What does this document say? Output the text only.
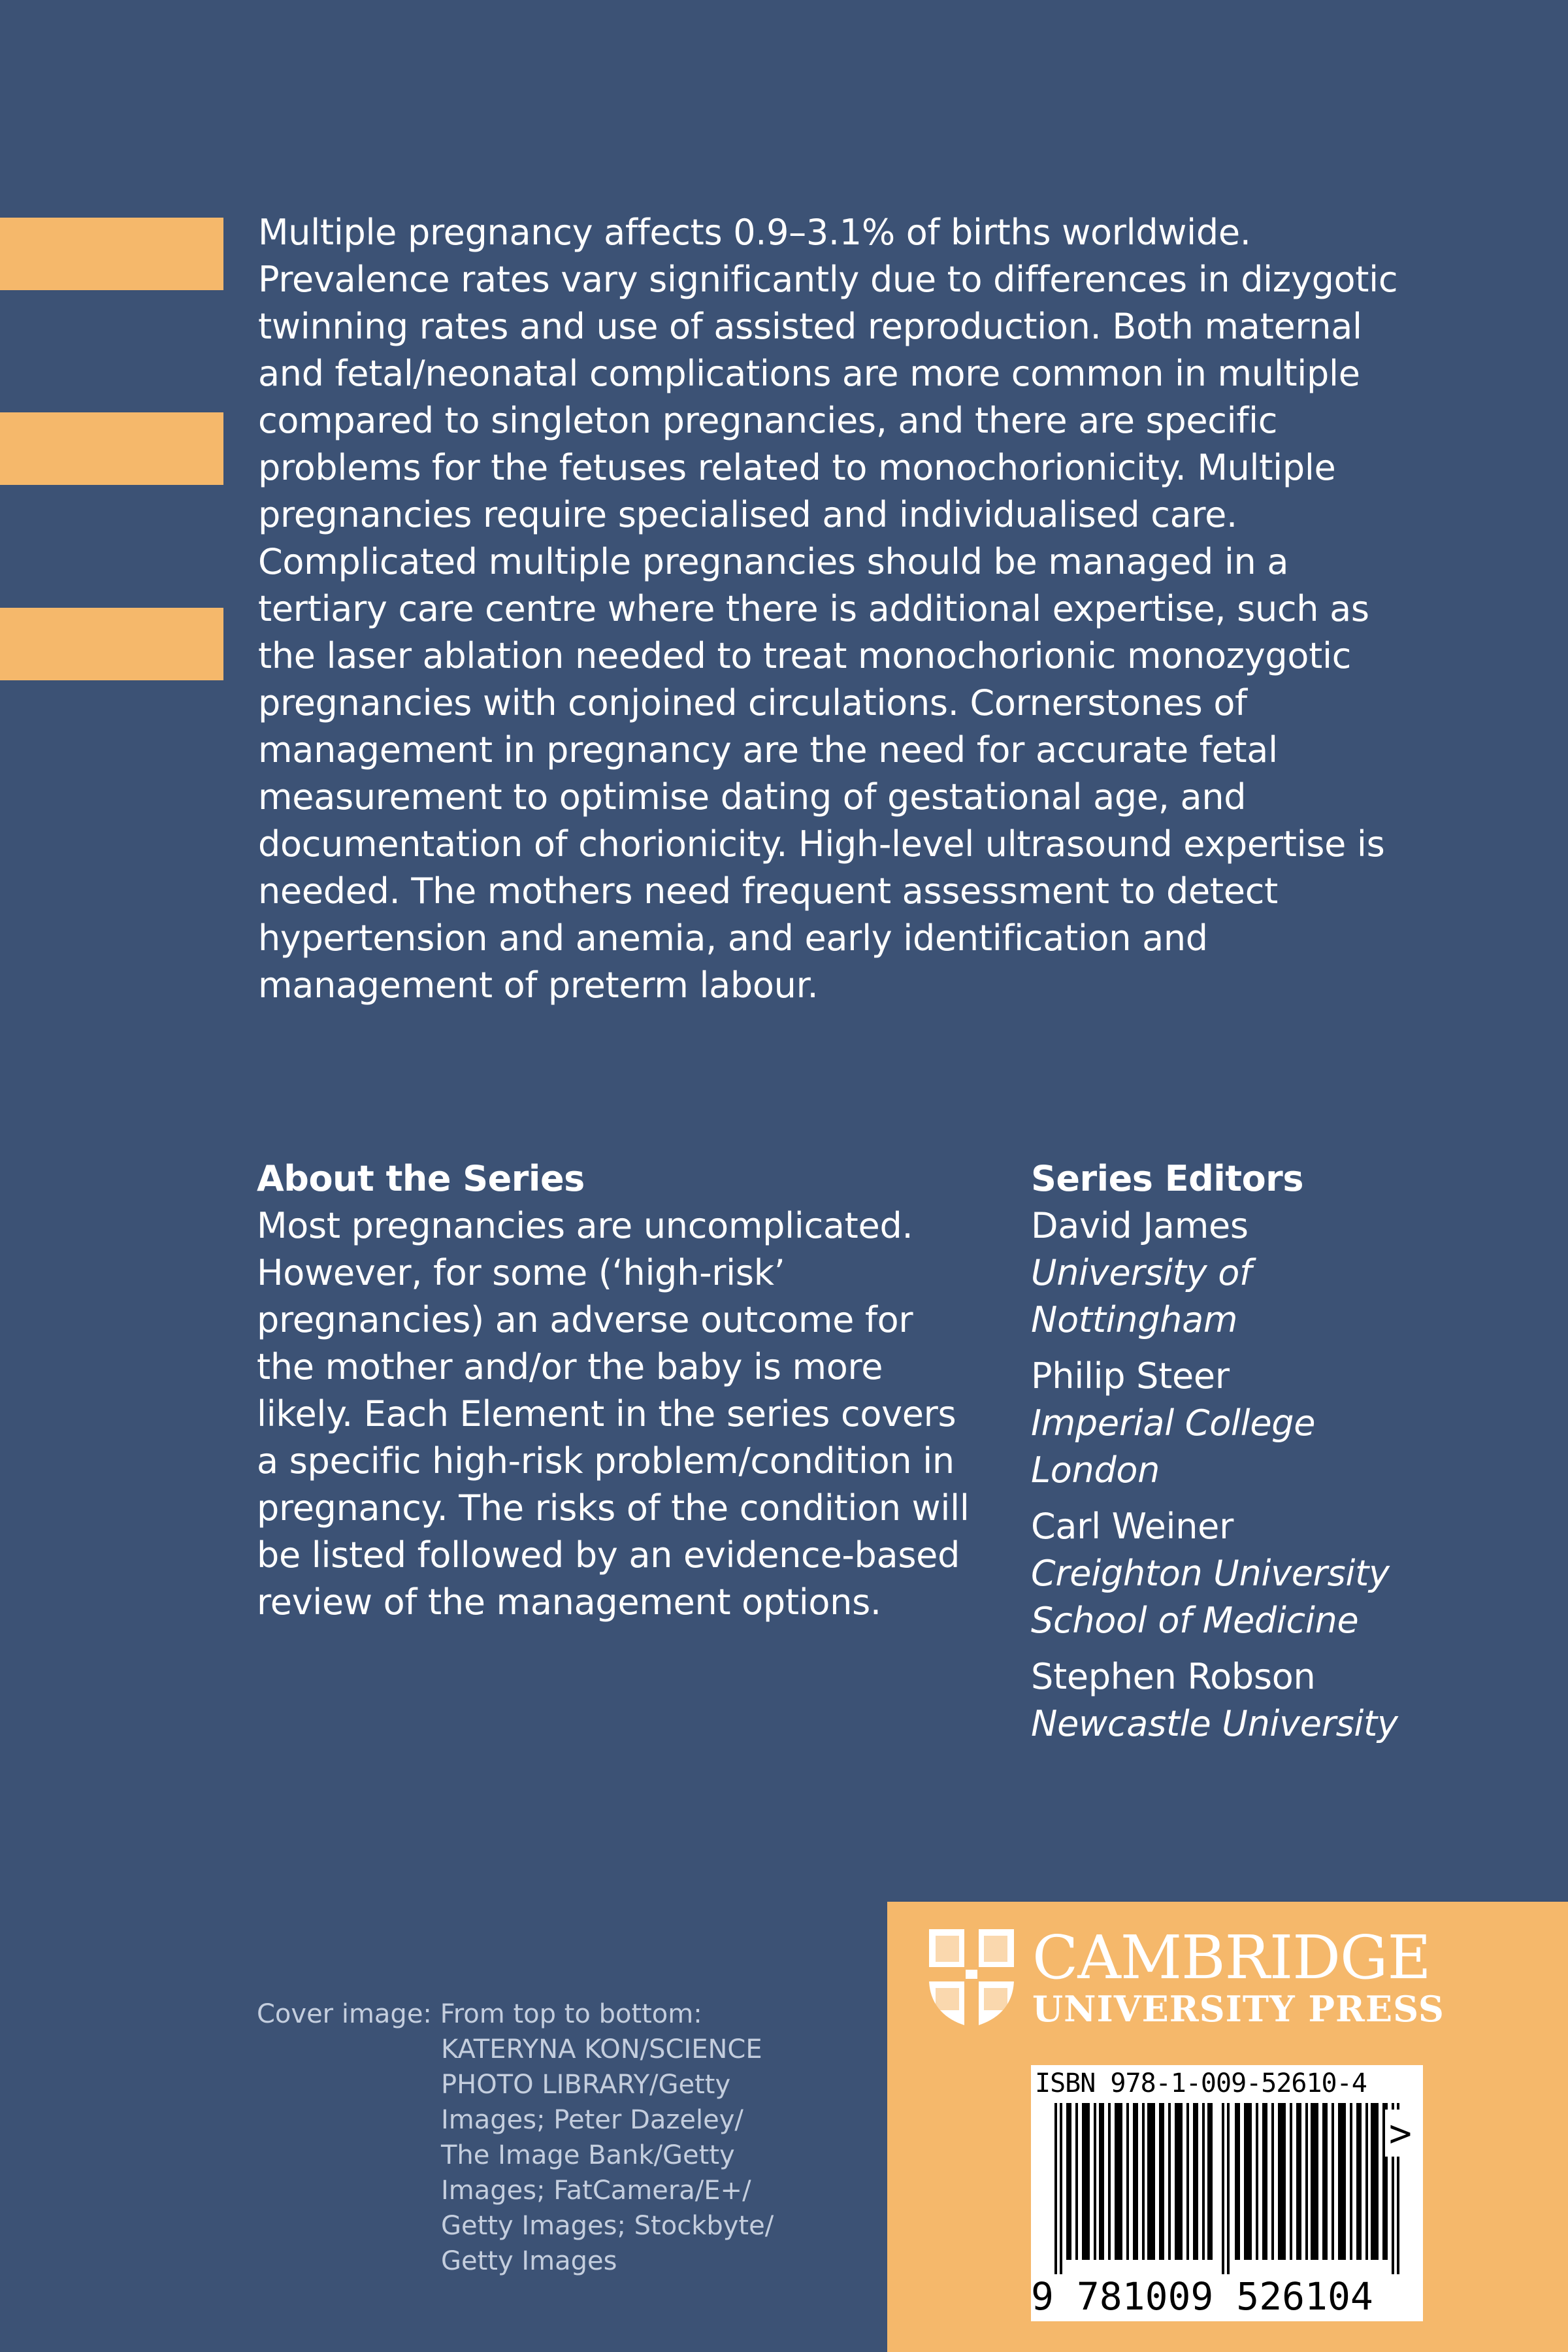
Multiple pregnancy affects 0.9–3.1% of births worldwide. Prevalence rates vary significantly due to differences in dizygotic twinning rates and use of assisted reproduction. Both maternal and fetal/neonatal complications are more common in multiple compared to singleton pregnancies, and there are specific problems for the fetuses related to monochorionicity. Multiple pregnancies require specialised and individualised care. Complicated multiple pregnancies should be managed in a tertiary care centre where there is additional expertise, such as the laser ablation needed to treat monochorionic monozygotic pregnancies with conjoined circulations. Cornerstones of management in pregnancy are the need for accurate fetal measurement to optimise dating of gestational age, and documentation of chorionicity. High-level ultrasound expertise is needed. The mothers need frequent assessment to detect hypertension and anemia, and early identification and management of preterm labour.

About the Series

Most pregnancies are uncomplicated. However, for some (‘high-risk’ pregnancies) an adverse outcome for the mother and/or the baby is more likely. Each Element in the series covers a specific high-risk problem/condition in pregnancy. The risks of the condition will be listed followed by an evidence-based review of the management options.

Series Editors

David James
University of Nottingham
Philip Steer
Imperial College London
Carl Weiner
Creighton University School of Medicine
Stephen Robson
Newcastle University
Cover image: From top to bottom:
KATERYNA KON/SCIENCE
PHOTO LIBRARY/Getty
Images; Peter Dazeley/
The Image Bank/Getty
Images; FatCamera/E+/
Getty Images; Stockbyte/
Getty Images
CAMBRIDGE
UNIVERSITY PRESS
ISBN 978-1-009-52610-4
9 781009 526104
>
